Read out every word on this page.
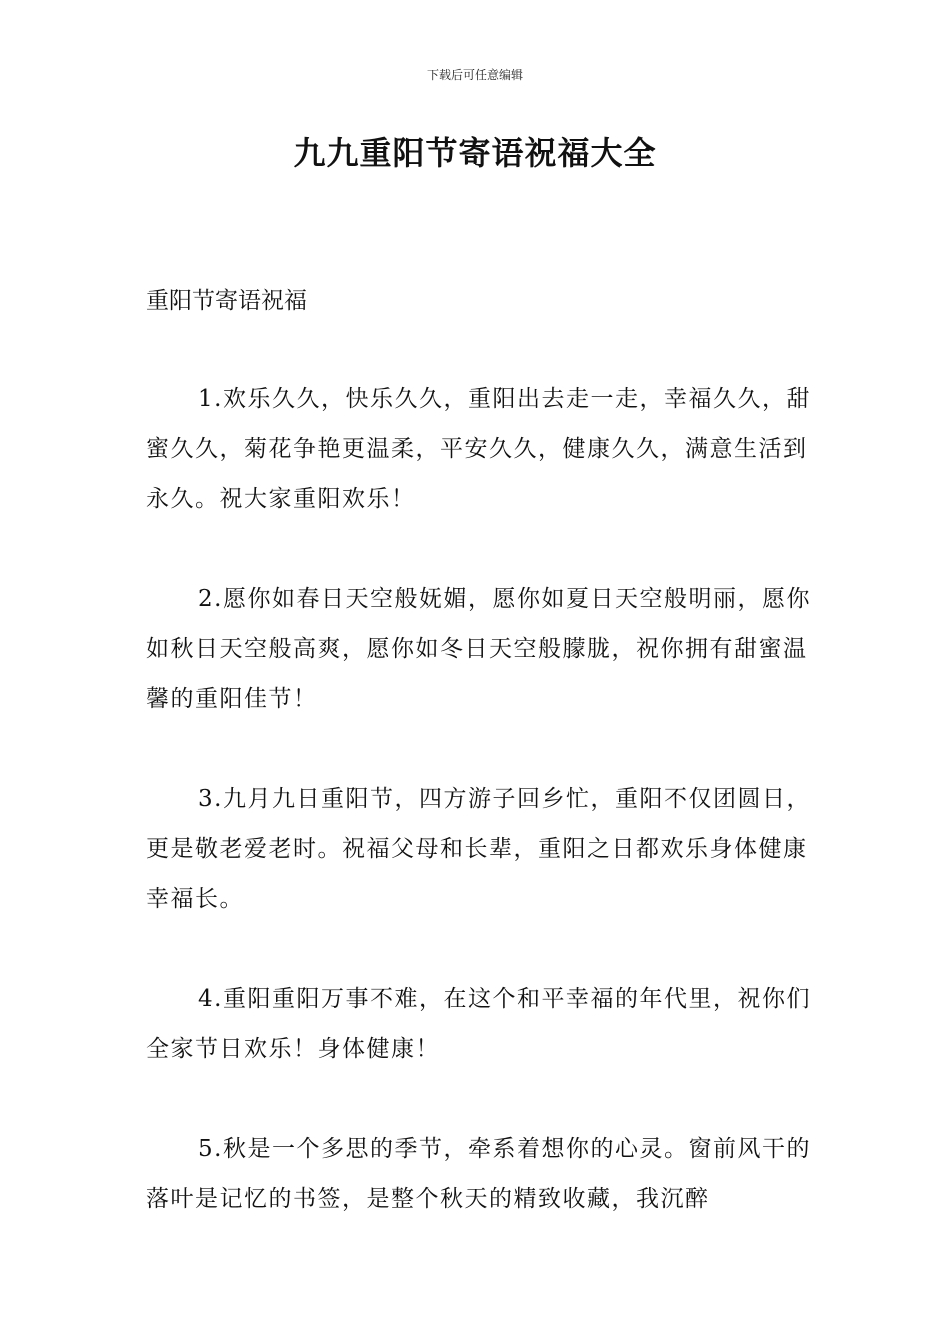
下载后可任意编辑
九九重阳节寄语祝福大全
重阳节寄语祝福

1.欢乐久久，快乐久久，重阳出去走一走，幸福久久，甜蜜久久，菊花争艳更温柔，平安久久，健康久久，满意生活到永久。祝大家重阳欢乐！

2.愿你如春日天空般妩媚，愿你如夏日天空般明丽，愿你如秋日天空般高爽，愿你如冬日天空般朦胧，祝你拥有甜蜜温馨的重阳佳节！

3.九月九日重阳节，四方游子回乡忙，重阳不仅团圆日，更是敬老爱老时。祝福父母和长辈，重阳之日都欢乐身体健康幸福长。

4.重阳重阳万事不难，在这个和平幸福的年代里，祝你们全家节日欢乐！身体健康！

5.秋是一个多思的季节，牵系着想你的心灵。窗前风干的落叶是记忆的书签，是整个秋天的精致收藏，我沉醉
